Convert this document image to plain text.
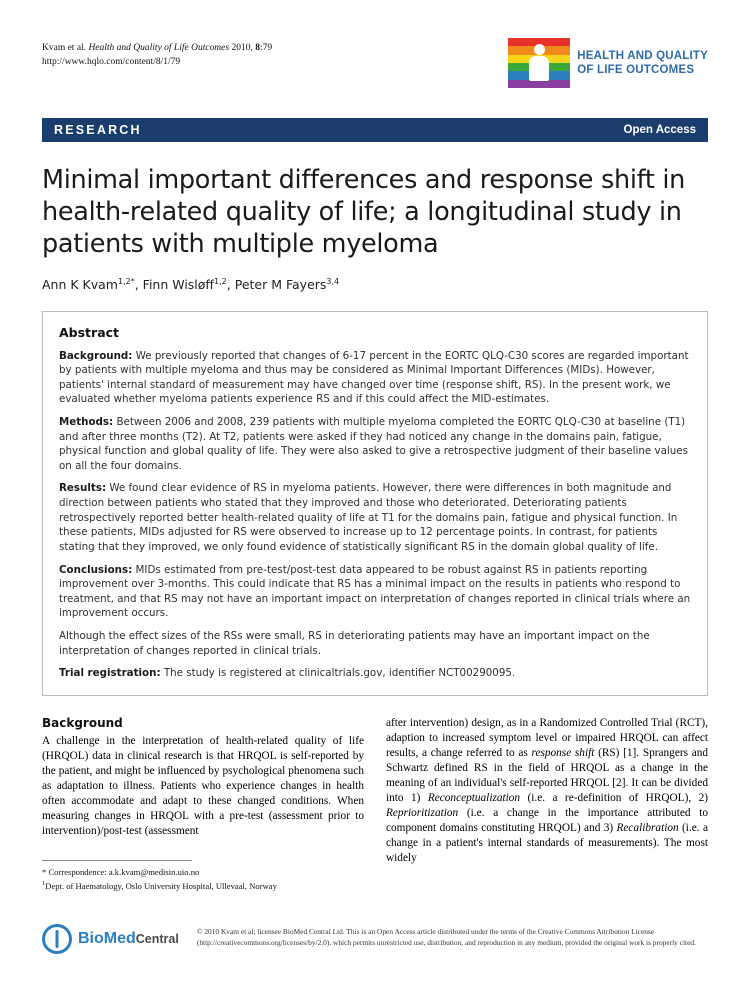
Kvam et al. Health and Quality of Life Outcomes 2010, 8:79
http://www.hqlo.com/content/8/1/79
HEALTH AND QUALITY
OF LIFE OUTCOMES
RESEARCH	Open Access
Minimal important differences and response shift in health-related quality of life; a longitudinal study in patients with multiple myeloma
Ann K Kvam$^{1,2*}$, Finn Wisløff$^{1,2}$, Peter M Fayers$^{3,4}$
Abstract

Background: We previously reported that changes of 6-17 percent in the EORTC QLQ-C30 scores are regarded important by patients with multiple myeloma and thus may be considered as Minimal Important Differences (MIDs). However, patients' internal standard of measurement may have changed over time (response shift, RS). In the present work, we evaluated whether myeloma patients experience RS and if this could affect the MID-estimates.

Methods: Between 2006 and 2008, 239 patients with multiple myeloma completed the EORTC QLQ-C30 at baseline (T1) and after three months (T2). At T2, patients were asked if they had noticed any change in the domains pain, fatigue, physical function and global quality of life. They were also asked to give a retrospective judgment of their baseline values on all the four domains.

Results: We found clear evidence of RS in myeloma patients. However, there were differences in both magnitude and direction between patients who stated that they improved and those who deteriorated. Deteriorating patients retrospectively reported better health-related quality of life at T1 for the domains pain, fatigue and physical function. In these patients, MIDs adjusted for RS were observed to increase up to 12 percentage points. In contrast, for patients stating that they improved, we only found evidence of statistically significant RS in the domain global quality of life.

Conclusions: MIDs estimated from pre-test/post-test data appeared to be robust against RS in patients reporting improvement over 3-months. This could indicate that RS has a minimal impact on the results in patients who respond to treatment, and that RS may not have an important impact on interpretation of changes reported in clinical trials where an improvement occurs.

Although the effect sizes of the RSs were small, RS in deteriorating patients may have an important impact on the interpretation of changes reported in clinical trials.

Trial registration: The study is registered at clinicaltrials.gov, identifier NCT00290095.

Background

A challenge in the interpretation of health-related quality of life (HRQOL) data in clinical research is that HRQOL is self-reported by the patient, and might be influenced by psychological phenomena such as adaptation to illness. Patients who experience changes in health often accommodate and adapt to these changed conditions. When measuring changes in HRQOL with a pre-test (assessment prior to intervention)/post-test (assessment

after intervention) design, as in a Randomized Controlled Trial (RCT), adaption to increased symptom level or impaired HRQOL can affect results, a change referred to as response shift (RS) [1]. Sprangers and Schwartz defined RS in the field of HRQOL as a change in the meaning of an individual's self-reported HRQOL [2]. It can be divided into 1) Reconceptualization (i.e. a re-definition of HRQOL), 2) Reprioritization (i.e. a change in the importance attributed to component domains constituting HRQOL) and 3) Recalibration (i.e. a change in a patient's internal standards of measurements). The most widely

* Correspondence: a.k.kvam@medisin.uio.no
$^1$Dept. of Haematology, Oslo University Hospital, Ullevaal, Norway
BioMedCentral
© 2010 Kvam et al; licensee BioMed Central Ltd. This is an Open Access article distributed under the terms of the Creative Commons Attribution License (http://creativecommons.org/licenses/by/2.0), which permits unrestricted use, distribution, and reproduction in any medium, provided the original work is properly cited.
